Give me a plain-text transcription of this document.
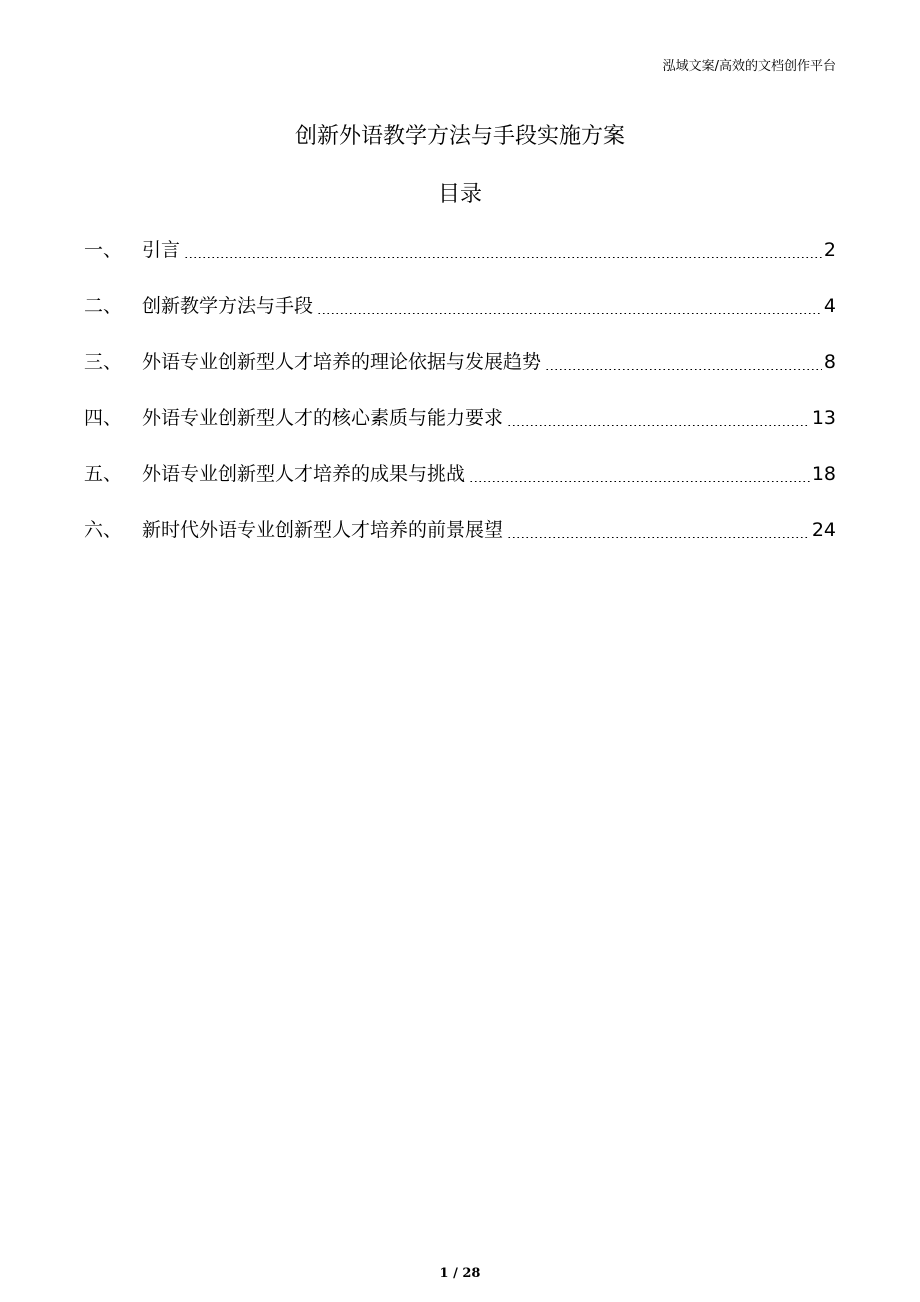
泓域文案/高效的文档创作平台
创新外语教学方法与手段实施方案
目录
一、	引言	2
二、	创新教学方法与手段	4
三、	外语专业创新型人才培养的理论依据与发展趋势	8
四、	外语专业创新型人才的核心素质与能力要求	13
五、	外语专业创新型人才培养的成果与挑战	18
六、	新时代外语专业创新型人才培养的前景展望	24
1 / 28
